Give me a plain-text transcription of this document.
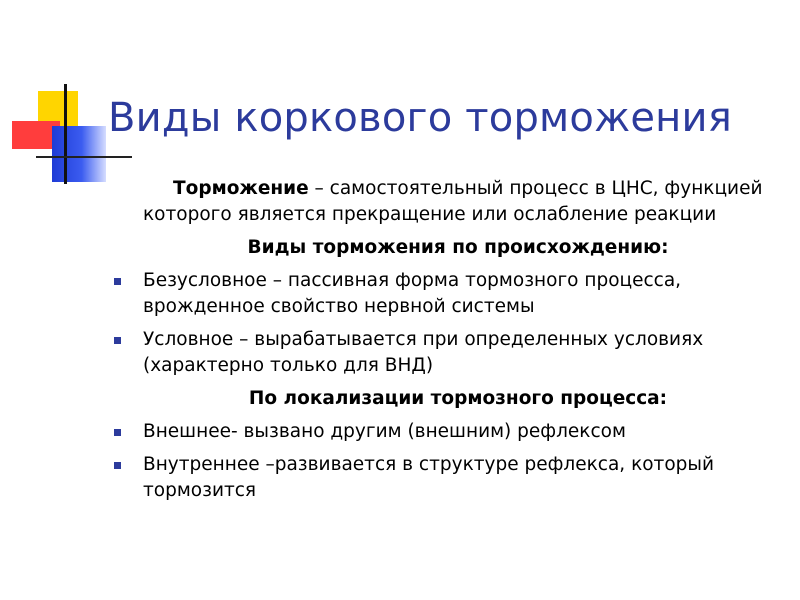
Виды коркового торможения

Торможение – самостоятельный процесс в ЦНС, функцией которого является прекращение или ослабление реакции

Виды торможения по происхождению:

Безусловное – пассивная форма тормозного процесса, врожденное свойство нервной системы
Условное – вырабатывается при определенных условиях (характерно только для ВНД)

По локализации тормозного процесса:

Внешнее- вызвано другим (внешним) рефлексом
Внутреннее –развивается в структуре рефлекса, который тормозится
